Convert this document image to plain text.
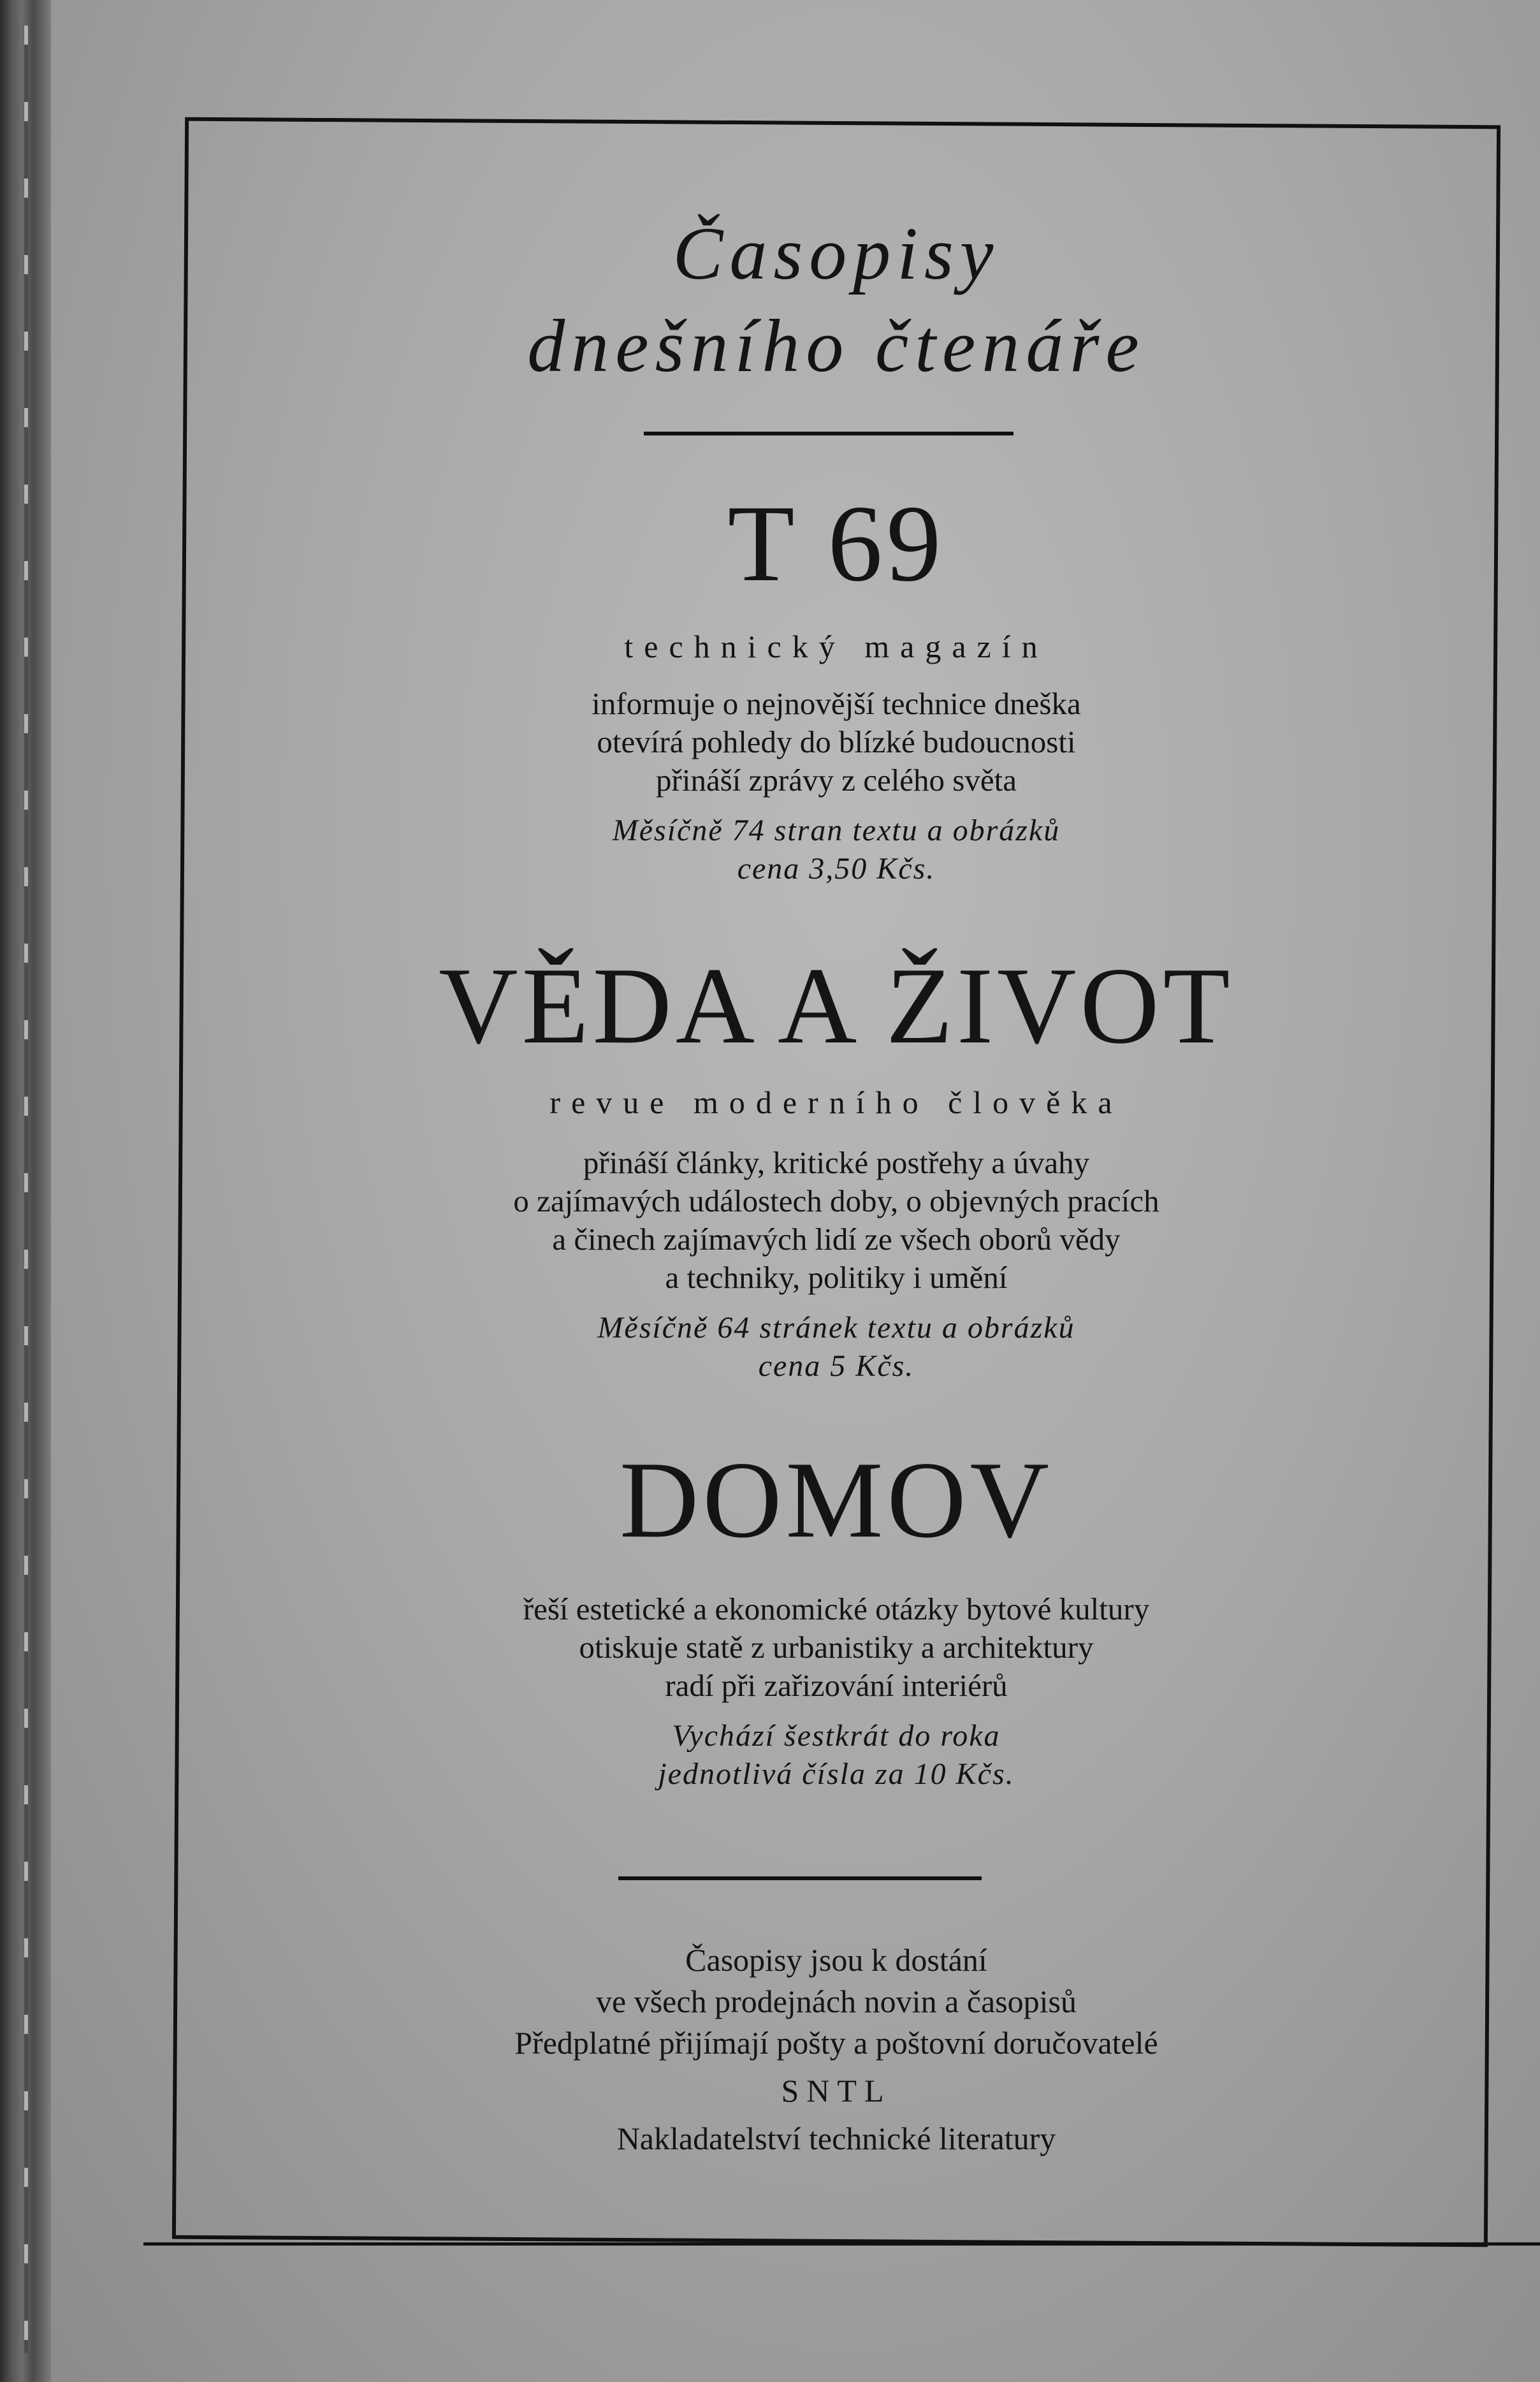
Časopisy
dnešního čtenáře
T 69
technický magazín
informuje o nejnovější technice dneška
otevírá pohledy do blízké budoucnosti
přináší zprávy z celého světa
Měsíčně 74 stran textu a obrázků
cena 3,50 Kčs.
VĚDA A ŽIVOT
revue moderního člověka
přináší články, kritické postřehy a úvahy
o zajímavých událostech doby, o objevných pracích
a činech zajímavých lidí ze všech oborů vědy
a techniky, politiky i umění
Měsíčně 64 stránek textu a obrázků
cena 5 Kčs.
DOMOV
řeší estetické a ekonomické otázky bytové kultury
otiskuje statě z urbanistiky a architektury
radí při zařizování interiérů
Vychází šestkrát do roka
jednotlivá čísla za 10 Kčs.
Časopisy jsou k dostání
ve všech prodejnách novin a časopisů
Předplatné přijímají pošty a poštovní doručovatelé
SNTL
Nakladatelství technické literatury
